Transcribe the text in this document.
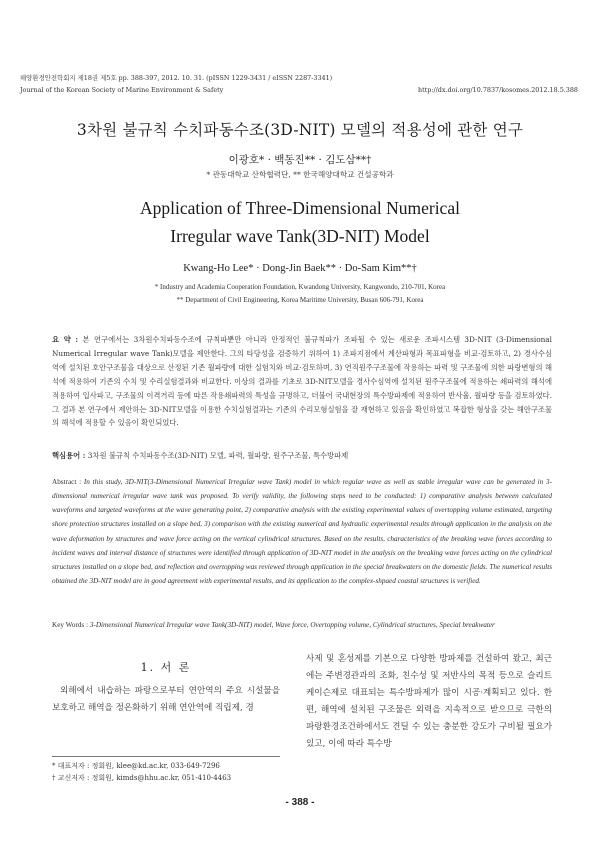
해양환경안전학회지 제18권 제5호 pp. 388-397, 2012. 10. 31. (pISSN 1229-3431 / eISSN 2287-3341)
Journal of the Korean Society of Marine Environment & Safety	http://dx.doi.org/10.7837/kosomes.2012.18.5.388
3차원 불규칙 수치파동수조(3D-NIT) 모델의 적용성에 관한 연구
이광호* · 백동진** · 김도삼**†
* 관동대학교 산학협력단, ** 한국해양대학교 건설공학과
Application of Three-Dimensional Numerical
Irregular wave Tank(3D-NIT) Model
Kwang-Ho Lee* · Dong-Jin Baek** · Do-Sam Kim**†
* Industry and Academia Cooperation Foundation, Kwandong University, Kangwondo, 210-701, Korea
** Department of Civil Engineering, Korea Maritime University, Busan 606-791, Korea
요 약 : 본 연구에서는 3차원수치파동수조에 규칙파뿐만 아니라 안정적인 불규칙파가 조파될 수 있는 새로운 조파시스템 3D-NIT (3-Dimensional Numerical Irregular wave Tank)모델을 제안한다. 그의 타당성을 검증하기 위하여 1) 조파지점에서 계산파형과 목표파형을 비교·검토하고, 2) 경사수심역에 설치된 호안구조물을 대상으로 산정된 기존 월파량에 대한 실험치와 비교·검토하며, 3) 연직원주구조물에 작용하는 파력 및 구조물에 의한 파랑변형의 해석에 적용하여 기존의 수치 및 수리실험결과와 비교한다. 이상의 결과를 기초로 3D-NIT모델을 경사수심역에 설치된 원주구조물에 적용하는 쇄파력의 해석에 적용하여 입사파고, 구조물의 이격거리 등에 따른 작용쇄파력의 특성을 규명하고, 더불어 국내현장의 특수방파제에 적용하여 반사율, 월파량 등을 검토하였다. 그 결과 본 연구에서 제안하는 3D-NIT모델을 이용한 수치실험결과는 기존의 수리모형실험을 잘 재현하고 있음을 확인하였고 복잡한 형상을 갖는 해안구조물의 해석에 적용할 수 있음이 확인되었다.
핵심용어 : 3차원 불규칙 수치파동수조(3D-NIT) 모델, 파력, 월파량, 원주구조물, 특수방파제
Abstract : In this study, 3D-NIT(3-Dimensional Numerical Irregular wave Tank) model in which regular wave as well as stable irregular wave can be generated in 3-dimensional numerical irregular wave tank was proposed. To verify validity, the following steps need to be conducted: 1) comparative analysis between calculated waveforms and targeted waveforms at the wave generating point, 2) comparative analysis with the existing experimental values of overtopping volume estimated, targeting shore protection structures installed on a slope bed, 3) comparison with the existing numerical and hydraulic experimental results through application in the analysis on the wave deformation by structures and wave force acting on the vertical cylindrical structures. Based on the results, characteristics of the breaking wave forces according to incident waves and interval distance of structures were identified through application of 3D-NIT model in the analysis on the breaking wave forces acting on the cylindrical structures installed on a slope bed, and reflection and overtopping was reviewed through application in the special breakwaters on the domestic fields. The numerical results obtained the 3D-NIT model are in good agreement with experimental results, and its application to the complex-shpaed coastal structures is verified.
Key Words : 3-Dimensional Numerical Irregular wave Tank(3D-NIT) model, Wave force, Overtopping volume, Cylindrical structures, Special breakwater
1. 서 론
외해에서 내습하는 파랑으로부터 연안역의 주요 시설물을 보호하고 해역을 정온화하기 위해 연안역에 직립제, 경
사제 및 혼성제를 기본으로 다양한 방파제를 건설하여 왔고, 최근에는 주변경관과의 조화, 친수성 및 저반사의 목적 등으로 슬리트케이슨제로 대표되는 특수방파제가 많이 시공·계획되고 있다. 한편, 해역에 설치된 구조물은 외력을 지속적으로 받으므로 극한의 파랑환경조건하에서도 견딜 수 있는 충분한 강도가 구비될 필요가 있고, 이에 따라 특수방
* 대표저자 : 정회원, klee@kd.ac.kr, 033-649-7296
† 교신저자 : 정회원, kimds@hhu.ac.kr, 051-410-4463
- 388 -
